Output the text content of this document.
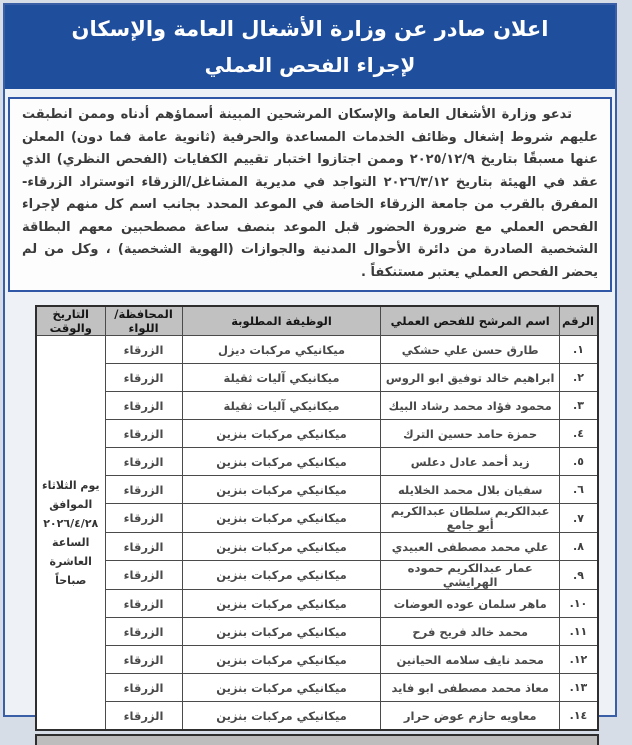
اعلان صادر عن وزارة الأشغال العامة والإسكان
لإجراء الفحص العملي

تدعو وزارة الأشغال العامة والإسكان المرشحين المبينة أسماؤهم أدناه وممن انطبقت عليهم شروط إشغال وظائف الخدمات المساعدة والحرفية (ثانوية عامة فما دون) المعلن عنها مسبقًا بتاريخ ٢٠٢٥/١٢/٩ وممن اجتازوا اختبار تقييم الكفايات (الفحص النظري) الذي عقد في الهيئة بتاريخ ٢٠٢٦/٣/١٢ التواجد في مديرية المشاغل/الزرقاء اتوستراد الزرقاء-المفرق بالقرب من جامعة الزرقاء الخاصة في الموعد المحدد بجانب اسم كل منهم لإجراء الفحص العملي مع ضرورة الحضور قبل الموعد بنصف ساعة مصطحبين معهم البطاقة الشخصية الصادرة من دائرة الأحوال المدنية والجوازات (الهوية الشخصية) ، وكل من لم يحضر الفحص العملي يعتبر مستنكفاً .

الرقم	اسم المرشح للفحص العملي	الوظيفة المطلوبة	المحافظة/اللواء	التاريخ والوقت
١.	طارق حسن علي حشكي	ميكانيكي مركبات ديزل	الزرقاء	يوم الثلاثاء
الموافق
٢٠٢٦/٤/٢٨
الساعة العاشرة
صباحاً

٢.	ابراهيم خالد توفيق ابو الروس	ميكانيكي آليات ثقيلة	الزرقاء	
٣.	محمود فؤاد محمد رشاد البيك	ميكانيكي آليات ثقيلة	الزرقاء	
٤.	حمزة حامد حسين الترك	ميكانيكي مركبات بنزين	الزرقاء	
٥.	زيد أحمد عادل دعلس	ميكانيكي مركبات بنزين	الزرقاء	
٦.	سفيان بلال محمد الخلايله	ميكانيكي مركبات بنزين	الزرقاء	
٧.	عبدالكريم سلطان عبدالكريم أبو جامع	ميكانيكي مركبات بنزين	الزرقاء	
٨.	علي محمد مصطفى العبيدي	ميكانيكي مركبات بنزين	الزرقاء	
٩.	عمار عبدالكريم حموده الهرايشي	ميكانيكي مركبات بنزين	الزرقاء	
١٠.	ماهر سلمان عوده العوضات	ميكانيكي مركبات بنزين	الزرقاء	
١١.	محمد خالد فريح فرح	ميكانيكي مركبات بنزين	الزرقاء	
١٢.	محمد نايف سلامه الحيانين	ميكانيكي مركبات بنزين	الزرقاء	
١٣.	معاذ محمد مصطفى ابو فايد	ميكانيكي مركبات بنزين	الزرقاء	
١٤.	معاويه حازم عوض حرار	ميكانيكي مركبات بنزين	الزرقاء	
